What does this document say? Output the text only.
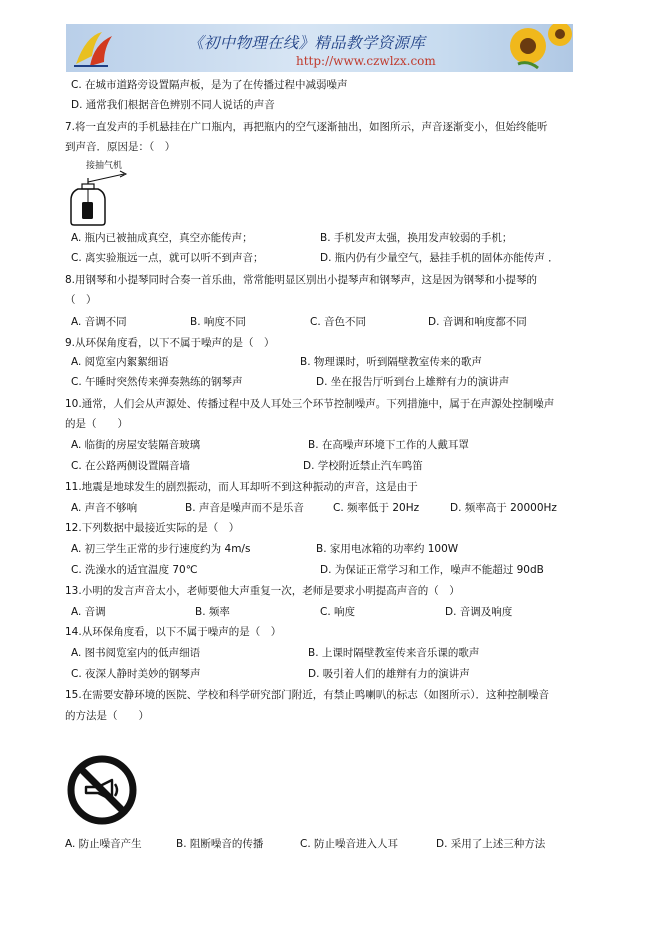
《初中物理在线》精品教学资源库
http://www.czwlzx.com
C. 在城市道路旁设置隔声板，是为了在传播过程中减弱噪声
D. 通常我们根据音色辨别不同人说话的声音
7.将一直发声的手机悬挂在广口瓶内，再把瓶内的空气逐渐抽出，如图所示，声音逐渐变小，但始终能听
到声音．原因是：（　）
接抽气机
A. 瓶内已被抽成真空，真空亦能传声；	B. 手机发声太强，换用发声较弱的手机；
C. 离实验瓶远一点，就可以听不到声音；	D. 瓶内仍有少量空气，悬挂手机的固体亦能传声 ．
8.用钢琴和小提琴同时合奏一首乐曲，常常能明显区别出小提琴声和钢琴声，这是因为钢琴和小提琴的
（　）
A. 音调不同	B. 响度不同	C. 音色不同	D. 音调和响度都不同
9.从环保角度看，以下不属于噪声的是（　）
A. 阅览室内絮絮细语	B. 物理课时，听到隔壁教室传来的歌声
C. 午睡时突然传来弹奏熟练的钢琴声	D. 坐在报告厅听到台上雄辩有力的演讲声
10.通常，人们会从声源处、传播过程中及人耳处三个环节控制噪声。下列措施中，属于在声源处控制噪声
的是（　　）
A. 临街的房屋安装隔音玻璃	B. 在高噪声环境下工作的人戴耳罩
C. 在公路两侧设置隔音墙	D. 学校附近禁止汽车鸣笛
11.地震是地球发生的剧烈振动，而人耳却听不到这种振动的声音，这是由于
A. 声音不够响	B. 声音是噪声而不是乐音	C. 频率低于 20Hz	D. 频率高于 20000Hz
12.下列数据中最接近实际的是（　）
A. 初三学生正常的步行速度约为 4m/s	B. 家用电冰箱的功率约 100W
C. 洗澡水的适宜温度 70℃	D. 为保证正常学习和工作，噪声不能超过 90dB
13.小明的发言声音太小，老师要他大声重复一次，老师是要求小明提高声音的（　）
A. 音调	B. 频率	C. 响度	D. 音调及响度
14.从环保角度看，以下不属于噪声的是（　）
A. 图书阅览室内的低声细语	B. 上课时隔壁教室传来音乐课的歌声
C. 夜深人静时美妙的钢琴声	D. 吸引着人们的雄辩有力的演讲声
15.在需要安静环境的医院、学校和科学研究部门附近，有禁止鸣喇叭的标志（如图所示）．这种控制噪音
的方法是（　　）
A. 防止噪音产生	B. 阻断噪音的传播	C. 防止噪音进入人耳	D. 采用了上述三种方法
